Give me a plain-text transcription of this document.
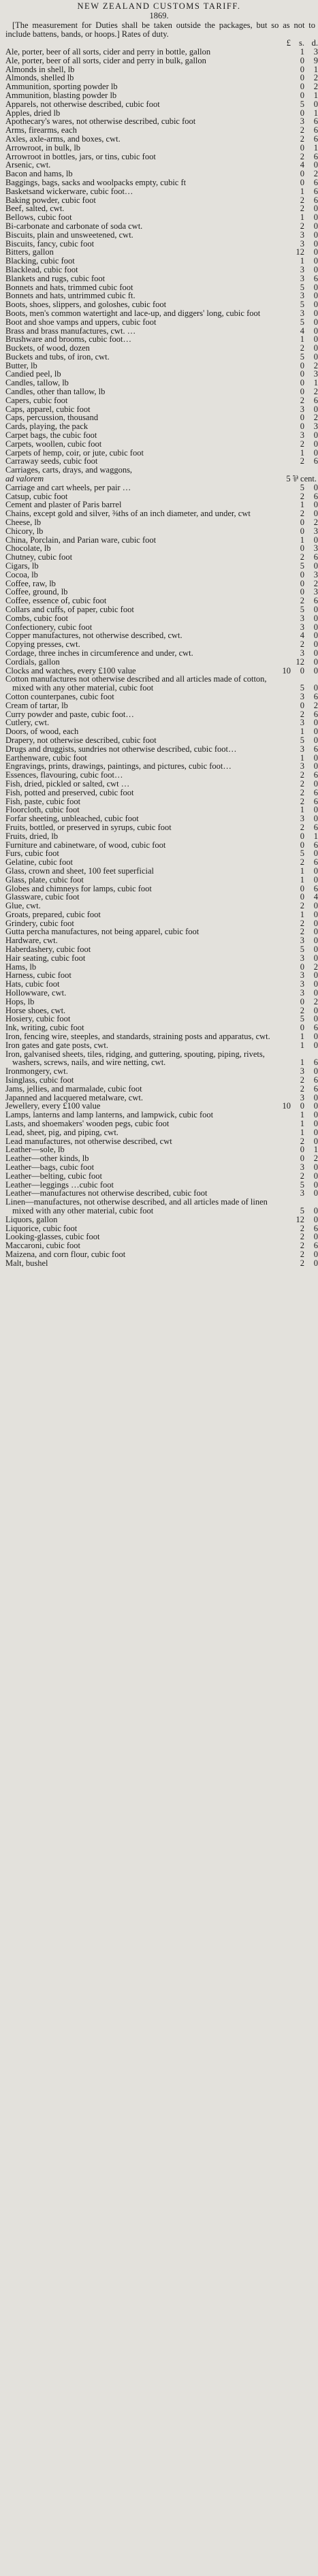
NEW ZEALAND CUSTOMS TARIFF.
1869.

[The measurement for Duties shall be taken outside the packages, but so as not to include battens, bands, or hoops.] Rates of duty.

£ s. d.
Ale, porter, beer of all sorts, cider and perry in bottle, gallon	1	3
Ale, porter, beer of all sorts, cider and perry in bulk, gallon	0	9
Almonds in shell, lb	0	1
Almonds, shelled lb	0	2
Ammunition, sporting powder lb	0	2
Ammunition, blasting powder lb	0	1
Apparels, not otherwise described, cubic foot	5	0
Apples, dried lb	0	1
Apothecary's wares, not otherwise described, cubic foot	3	6
Arms, firearms, each	2	6
Axles, axle-arms, and boxes, cwt.	2	6
Arrowroot, in bulk, lb	0	1
Arrowroot in bottles, jars, or tins, cubic foot	2	6
Arsenic, cwt.	4	0
Bacon and hams, lb	0	2
Baggings, bags, sacks and woolpacks empty, cubic ft	0	6
Basketsand wickerware, cubic foot…	1	6
Baking powder, cubic foot	2	6
Beef, salted, cwt.	2	0
Bellows, cubic foot	1	0
Bi-carbonate and carbonate of soda cwt.	2	0
Biscuits, plain and unsweetened, cwt.	3	0
Biscuits, fancy, cubic foot	3	0
Bitters, gallon	12	0
Blacking, cubic foot	1	0
Blacklead, cubic foot	3	0
Blankets and rugs, cubic foot	3	6
Bonnets and hats, trimmed cubic foot	5	0
Bonnets and hats, untrimmed cubic ft.	3	0
Boots, shoes, slippers, and goloshes, cubic foot	5	0
Boots, men's common watertight and lace-up, and diggers' long, cubic foot	3	0
Boot and shoe vamps and uppers, cubic foot	5	0
Brass and brass manufactures, cwt. …	4	0
Brushware and brooms, cubic foot…	1	0
Buckets, of wood, dozen	2	0
Buckets and tubs, of iron, cwt.	5	0
Butter, lb	0	2
Candied peel, lb	0	3
Candles, tallow, lb	0	1
Candles, other than tallow, lb	0	2
Capers, cubic foot	2	6
Caps, apparel, cubic foot	3	0
Caps, percussion, thousand	0	2
Cards, playing, the pack	0	3
Carpet bags, the cubic foot	3	0
Carpets, woollen, cubic foot	2	0
Carpets of hemp, coir, or jute, cubic foot	1	0
Carraway seeds, cubic foot	2	6
Carriages, carts, drays, and waggons,
ad valorem	5 ⅌ cent.
Carriage and cart wheels, per pair …	5	0
Catsup, cubic foot	2	6
Cement and plaster of Paris barrel	1	0
Chains, except gold and silver, ⅜ths of an inch diameter, and under, cwt	2	0
Cheese, lb	0	2
Chicory, lb	0	3
China, Porclain, and Parian ware, cubic foot	1	0
Chocolate, lb	0	3
Chutney, cubic foot	2	6
Cigars, lb	5	0
Cocoa, lb	0	3
Coffee, raw, lb	0	2
Coffee, ground, lb	0	3
Coffee, essence of, cubic foot	2	6
Collars and cuffs, of paper, cubic foot	5	0
Combs, cubic foot	3	0
Confectionery, cubic foot	3	0
Copper manufactures, not otherwise described, cwt.	4	0
Copying presses, cwt.	2	0
Cordage, three inches in circumference and under, cwt.	3	0
Cordials, gallon	12	0
Clocks and watches, every £100 value	10	0	0
Cotton manufactures not otherwise described and all articles made of cotton, mixed with any other material, cubic foot	5	0
Cotton counterpanes, cubic foot	3	6
Cream of tartar, lb	0	2
Curry powder and paste, cubic foot…	2	6
Cutlery, cwt.	3	0
Doors, of wood, each	1	0
Drapery, not otherwise described, cubic foot	5	0
Drugs and druggists, sundries not otherwise described, cubic foot…	3	6
Earthenware, cubic foot	1	0
Engravings, prints, drawings, paintings, and pictures, cubic foot…	3	0
Essences, flavouring, cubic foot…	2	6
Fish, dried, pickled or salted, cwt …	2	0
Fish, potted and preserved, cubic foot	2	6
Fish, paste, cubic foot	2	6
Floorcloth, cubic foot	1	0
Forfar sheeting, unbleached, cubic foot	3	0
Fruits, bottled, or preserved in syrups, cubic foot	2	6
Fruits, dried, lb	0	1
Furniture and cabinetware, of wood, cubic foot	0	6
Furs, cubic foot	5	0
Gelatine, cubic foot	2	6
Glass, crown and sheet, 100 feet superficial	1	0
Glass, plate, cubic foot	1	0
Globes and chimneys for lamps, cubic foot	0	6
Glassware, cubic foot	0	4
Glue, cwt.	2	0
Groats, prepared, cubic foot	1	0
Grindery, cubic foot	2	0
Gutta percha manufactures, not being apparel, cubic foot	2	0
Hardware, cwt.	3	0
Haberdashery, cubic foot	5	0
Hair seating, cubic foot	3	0
Hams, lb	0	2
Harness, cubic foot	3	0
Hats, cubic foot	3	0
Hollowware, cwt.	3	0
Hops, lb	0	2
Horse shoes, cwt.	2	0
Hosiery, cubic foot	5	0
Ink, writing, cubic foot	0	6
Iron, fencing wire, steeples, and standards, straining posts and apparatus, cwt.	1	0
Iron gates and gate posts, cwt.	1	0
Iron, galvanised sheets, tiles, ridging, and guttering, spouting, piping, rivets, washers, screws, nails, and wire netting, cwt.	1	6
Ironmongery, cwt.	3	0
Isinglass, cubic foot	2	6
Jams, jellies, and marmalade, cubic foot	2	6
Japanned and lacquered metalware, cwt.	3	0
Jewellery, every £100 value	10	0	0
Lamps, lanterns and lamp lanterns, and lampwick, cubic foot	1	0
Lasts, and shoemakers' wooden pegs, cubic foot	1	0
Lead, sheet, pig, and piping, cwt.	1	0
Lead manufactures, not otherwise described, cwt	2	0
Leather—sole, lb	0	1
Leather—other kinds, lb	0	2
Leather—bags, cubic foot	3	0
Leather—belting, cubic foot	2	0
Leather—leggings …cubic foot	5	0
Leather—manufactures not otherwise described, cubic foot	3	0
Linen—manufactures, not otherwise described, and all articles made of linen mixed with any other material, cubic foot	5	0
Liquors, gallon	12	0
Liquorice, cubic foot	2	6
Looking-glasses, cubic foot	2	0
Maccaroni, cubic foot	2	6
Maizena, and corn flour, cubic foot	2	0
Malt, bushel	2	0
